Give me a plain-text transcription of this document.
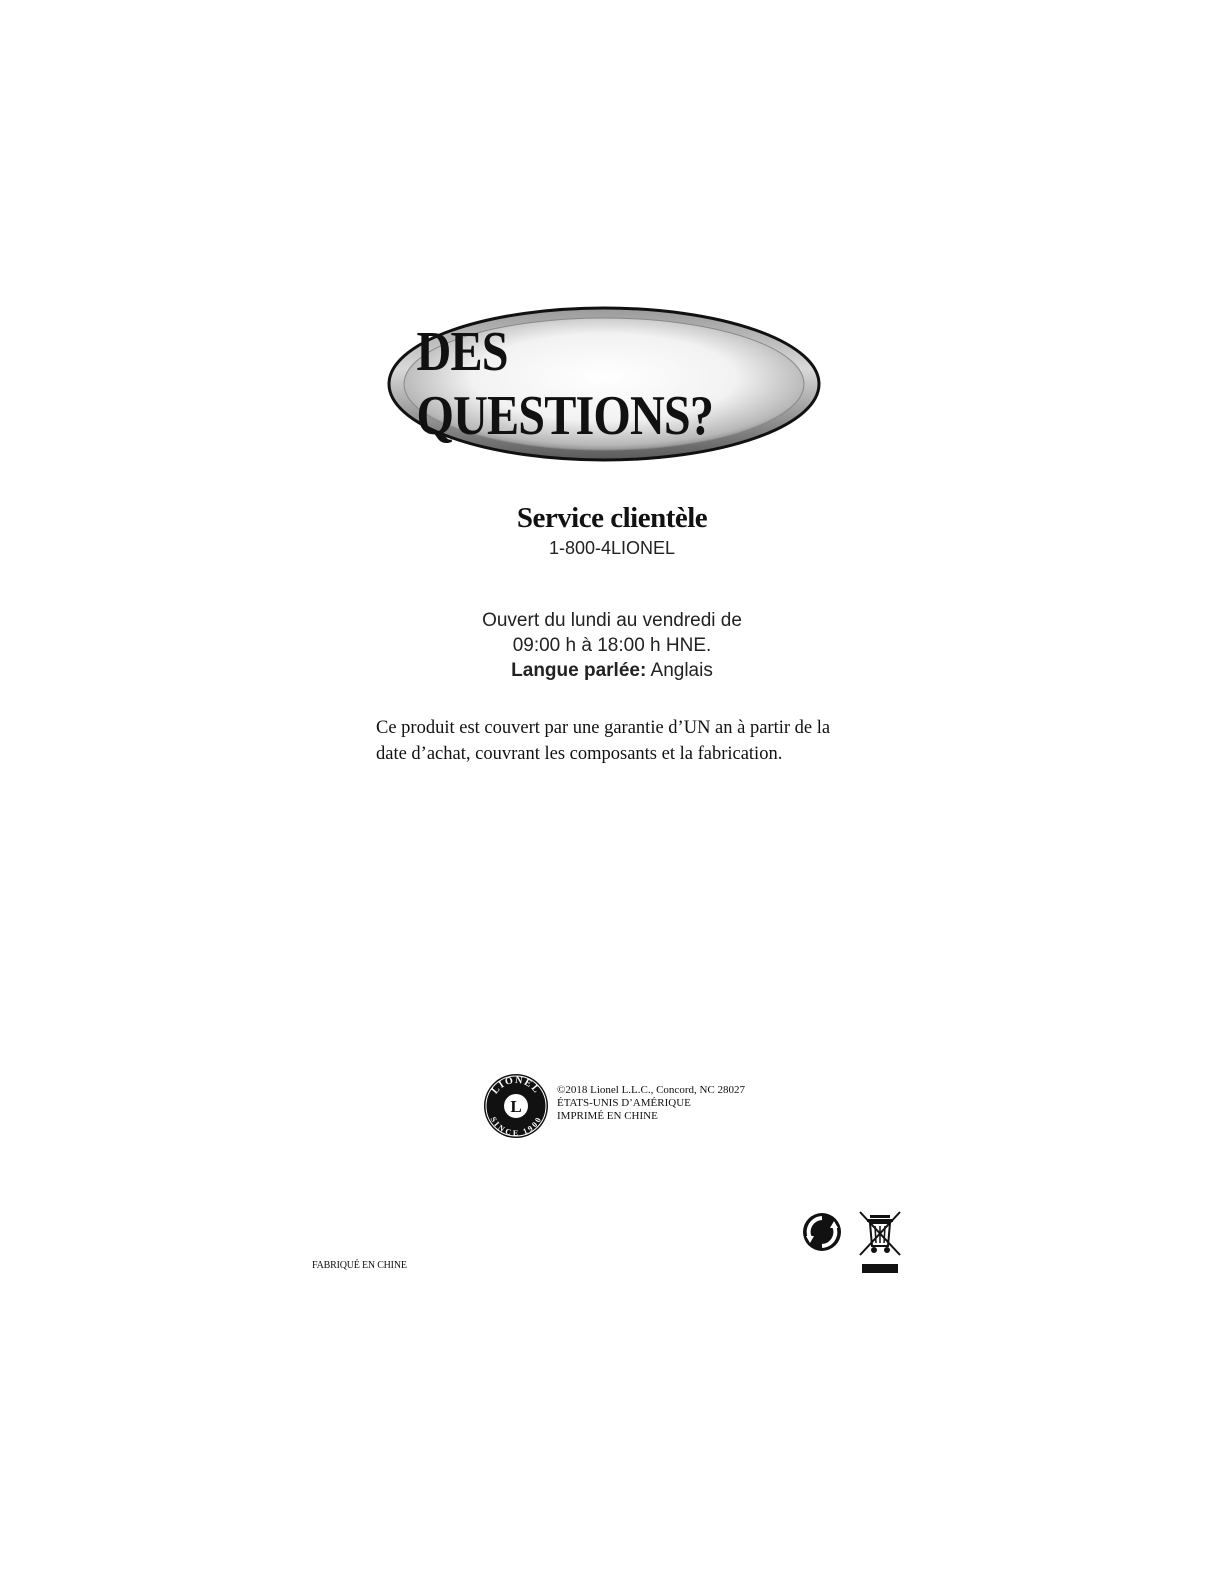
DES QUESTIONS?
Service clientèle
1-800-4LIONEL
Ouvert du lundi au vendredi de
09:00 h à 18:00 h HNE.
Langue parlée: Anglais
Ce produit est couvert par une garantie d’UN an à partir de la date d’achat, couvrant les composants et la fabrication.
LIONEL
SINCE 1900
L
©2018 Lionel L.L.C., Concord, NC 28027
ÉTATS-UNIS D’AMÉRIQUE
IMPRIMÉ EN CHINE
FABRIQUÉ EN CHINE
